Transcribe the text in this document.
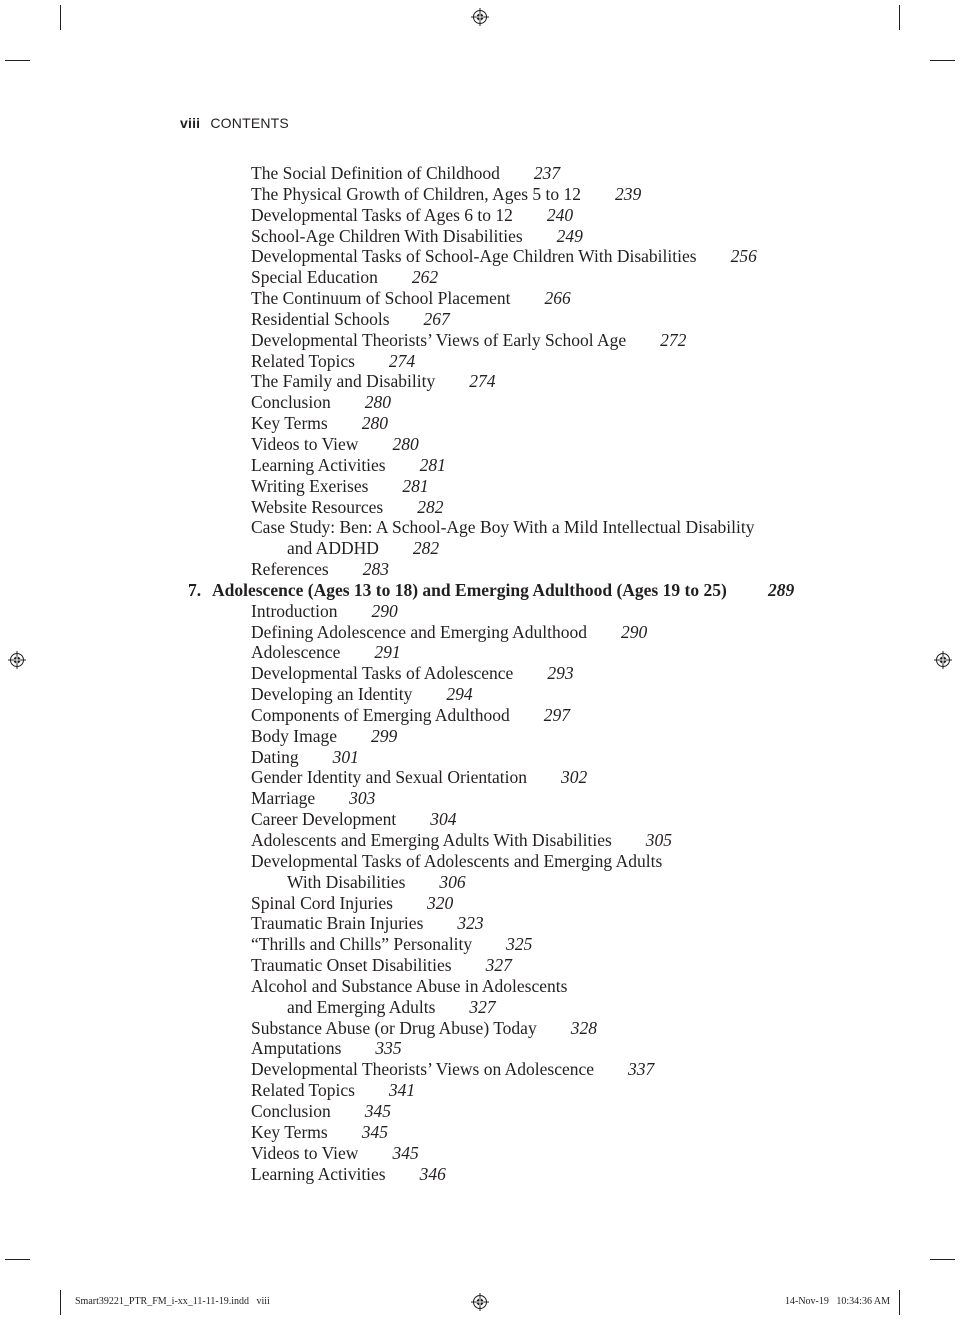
viii CONTENTS
The Social Definition of Childhood 237
The Physical Growth of Children, Ages 5 to 12 239
Developmental Tasks of Ages 6 to 12 240
School-Age Children With Disabilities 249
Developmental Tasks of School-Age Children With Disabilities 256
Special Education 262
The Continuum of School Placement 266
Residential Schools 267
Developmental Theorists’ Views of Early School Age 272
Related Topics 274
The Family and Disability 274
Conclusion 280
Key Terms 280
Videos to View 280
Learning Activities 281
Writing Exerises 281
Website Resources 282
Case Study: Ben: A School-Age Boy With a Mild Intellectual Disability
and ADDHD 282
References 283
7. Adolescence (Ages 13 to 18) and Emerging Adulthood (Ages 19 to 25) 289
Introduction 290
Defining Adolescence and Emerging Adulthood 290
Adolescence 291
Developmental Tasks of Adolescence 293
Developing an Identity 294
Components of Emerging Adulthood 297
Body Image 299
Dating 301
Gender Identity and Sexual Orientation 302
Marriage 303
Career Development 304
Adolescents and Emerging Adults With Disabilities 305
Developmental Tasks of Adolescents and Emerging Adults
With Disabilities 306
Spinal Cord Injuries 320
Traumatic Brain Injuries 323
“Thrills and Chills” Personality 325
Traumatic Onset Disabilities 327
Alcohol and Substance Abuse in Adolescents
and Emerging Adults 327
Substance Abuse (or Drug Abuse) Today 328
Amputations 335
Developmental Theorists’ Views on Adolescence 337
Related Topics 341
Conclusion 345
Key Terms 345
Videos to View 345
Learning Activities 346
Smart39221_PTR_FM_i-xx_11-11-19.indd   viii	14-Nov-19   10:34:36 AM
